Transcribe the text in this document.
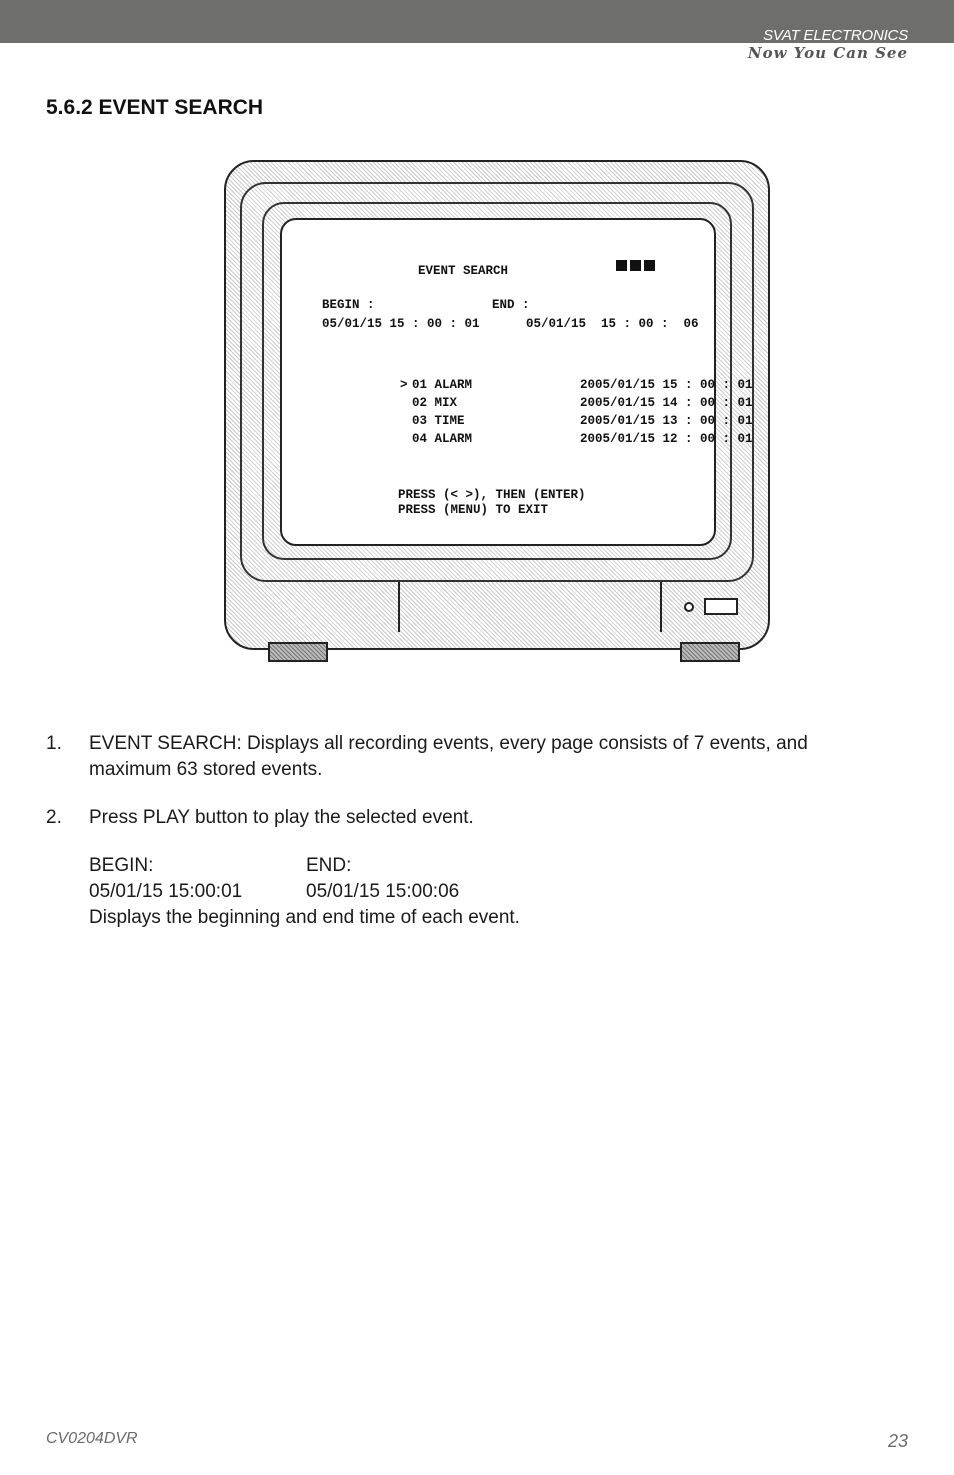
SVAT ELECTRONICS
Now You Can See
5.6.2 EVENT SEARCH
EVENT SEARCH
BEGIN :	END :
05/01/15 15 : 00 : 01	05/01/15  15 : 00 :  06

> 01 ALARM	2005/01/15 15 : 00 : 01

02 MIX	2005/01/15 14 : 00 : 01

03 TIME	2005/01/15 13 : 00 : 01

04 ALARM	2005/01/15 12 : 00 : 01

PRESS (< >), THEN (ENTER)
PRESS (MENU) TO EXIT
1. EVENT SEARCH: Displays all recording events, every page consists of 7 events, and maximum 63 stored events.
2. Press PLAY button to play the selected event.
BEGIN:	END:
05/01/15 15:00:01	05/01/15 15:00:06
Displays the beginning and end time of each event.
CV0204DVR	23
